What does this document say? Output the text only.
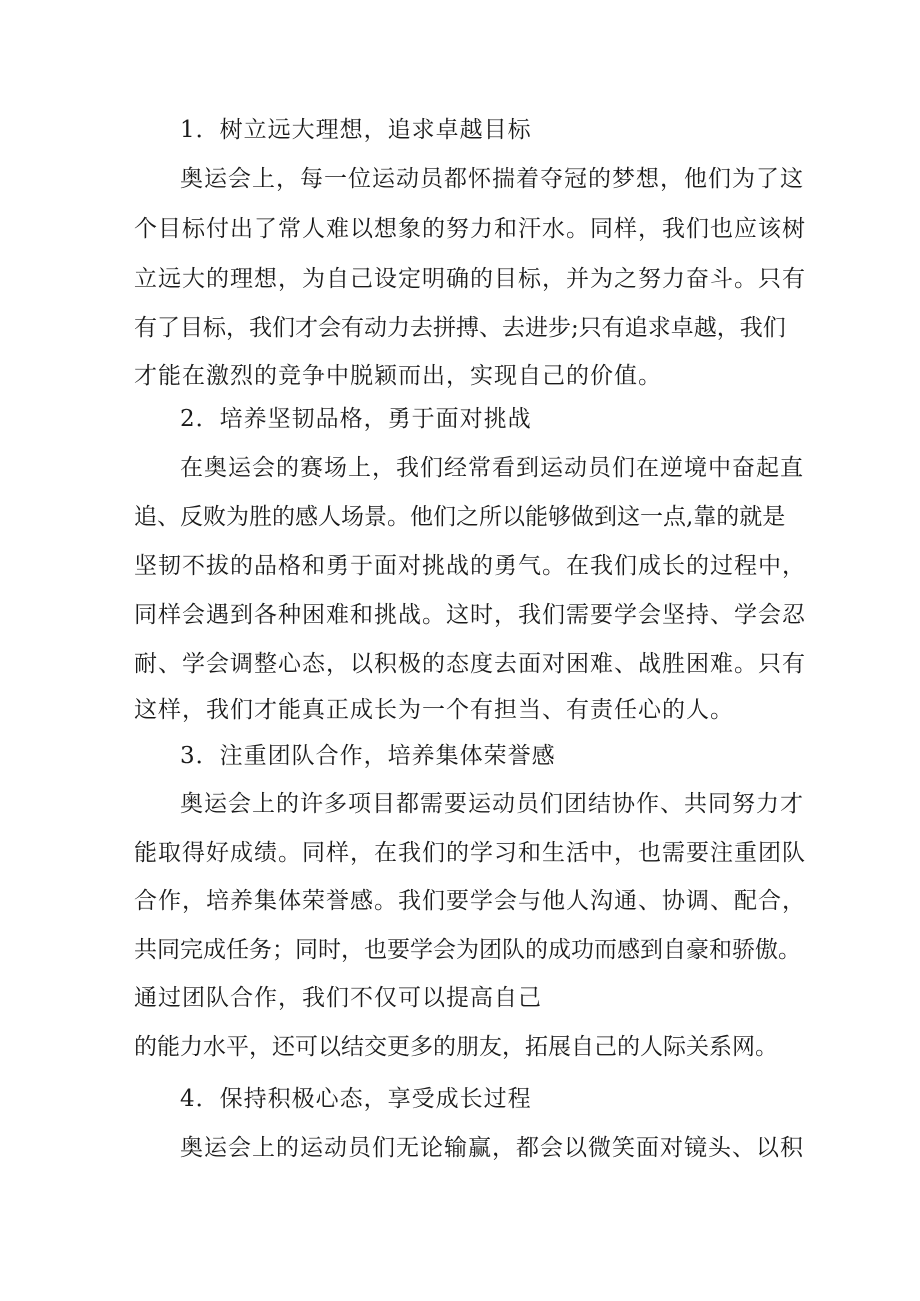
1．树立远大理想，追求卓越目标
奥运会上，每一位运动员都怀揣着夺冠的梦想，他们为了这
个目标付出了常人难以想象的努力和汗水。同样，我们也应该树
立远大的理想，为自己设定明确的目标，并为之努力奋斗。只有
有了目标，我们才会有动力去拼搏、去进步;只有追求卓越，我们
才能在激烈的竞争中脱颖而出，实现自己的价值。
2．培养坚韧品格，勇于面对挑战
在奥运会的赛场上，我们经常看到运动员们在逆境中奋起直
追、反败为胜的感人场景。他们之所以能够做到这一点,靠的就是
坚韧不拔的品格和勇于面对挑战的勇气。在我们成长的过程中，
同样会遇到各种困难和挑战。这时，我们需要学会坚持、学会忍
耐、学会调整心态，以积极的态度去面对困难、战胜困难。只有
这样，我们才能真正成长为一个有担当、有责任心的人。
3．注重团队合作，培养集体荣誉感
奥运会上的许多项目都需要运动员们团结协作、共同努力才
能取得好成绩。同样，在我们的学习和生活中，也需要注重团队
合作，培养集体荣誉感。我们要学会与他人沟通、协调、配合，
共同完成任务；同时，也要学会为团队的成功而感到自豪和骄傲。
通过团队合作，我们不仅可以提高自己
的能力水平，还可以结交更多的朋友，拓展自己的人际关系网。
4．保持积极心态，享受成长过程
奥运会上的运动员们无论输赢，都会以微笑面对镜头、以积
